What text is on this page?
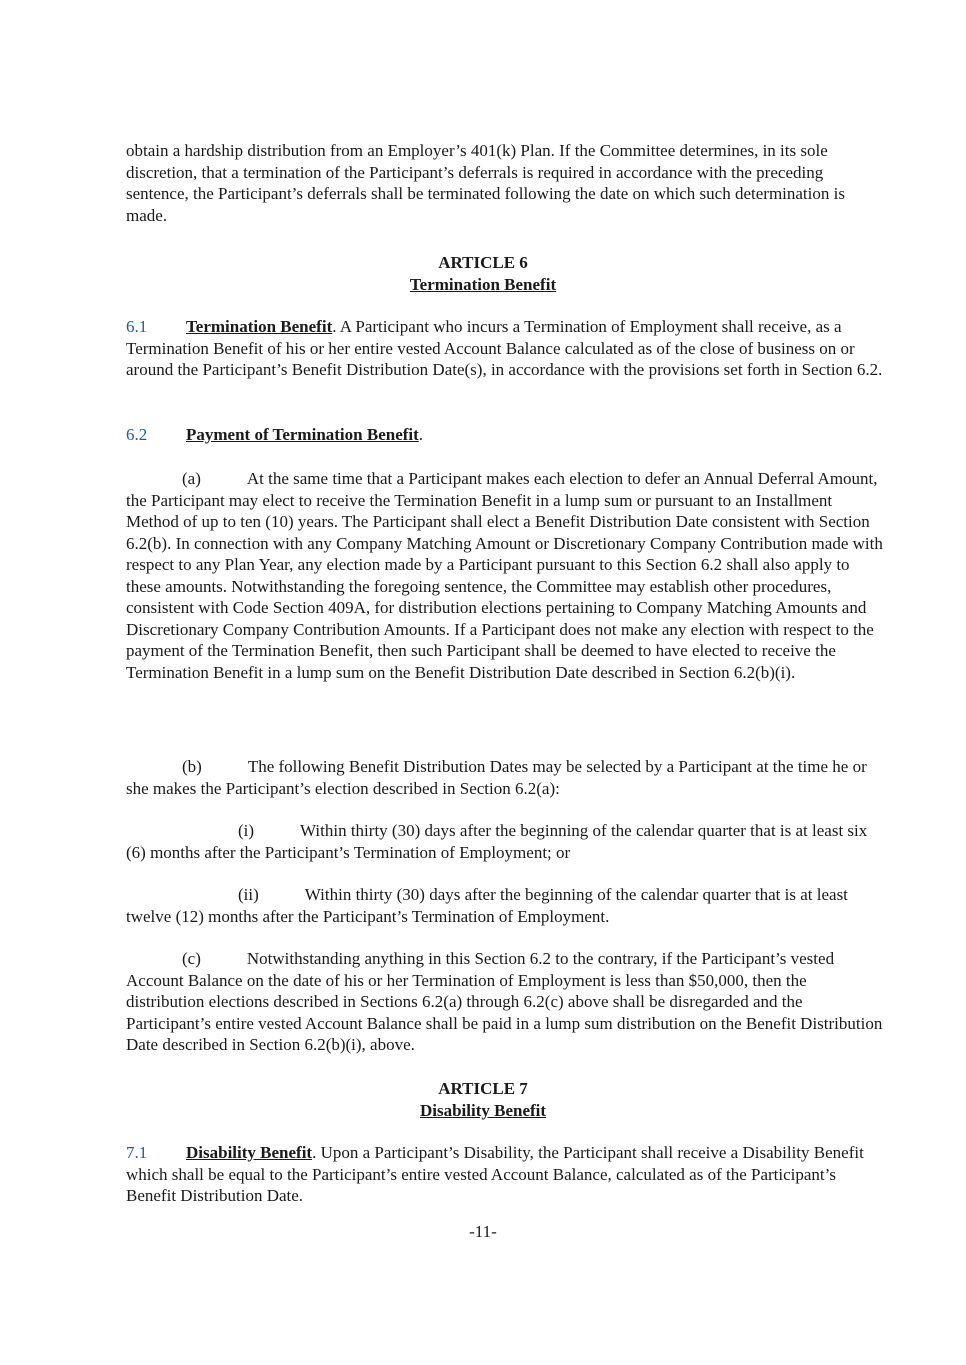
obtain a hardship distribution from an Employer’s 401(k) Plan. If the Committee determines, in its sole discretion, that a termination of the Participant’s deferrals is required in accordance with the preceding sentence, the Participant’s deferrals shall be terminated following the date on which such determination is made.

ARTICLE 6
Termination Benefit

6.1 Termination Benefit. A Participant who incurs a Termination of Employment shall receive, as a Termination Benefit of his or her entire vested Account Balance calculated as of the close of business on or around the Participant’s Benefit Distribution Date(s), in accordance with the provisions set forth in Section 6.2.

6.2 Payment of Termination Benefit.

(a)	At the same time that a Participant makes each election to defer an Annual Deferral Amount, the Participant may elect to receive the Termination Benefit in a lump sum or pursuant to an Installment Method of up to ten (10) years. The Participant shall elect a Benefit Distribution Date consistent with Section 6.2(b). In connection with any Company Matching Amount or Discretionary Company Contribution made with respect to any Plan Year, any election made by a Participant pursuant to this Section 6.2 shall also apply to these amounts. Notwithstanding the foregoing sentence, the Committee may establish other procedures, consistent with Code Section 409A, for distribution elections pertaining to Company Matching Amounts and Discretionary Company Contribution Amounts. If a Participant does not make any election with respect to the payment of the Termination Benefit, then such Participant shall be deemed to have elected to receive the Termination Benefit in a lump sum on the Benefit Distribution Date described in Section 6.2(b)(i).

(b)	The following Benefit Distribution Dates may be selected by a Participant at the time he or she makes the Participant’s election described in Section 6.2(a):

(i)	Within thirty (30) days after the beginning of the calendar quarter that is at least six (6) months after the Participant’s Termination of Employment; or

(ii)	Within thirty (30) days after the beginning of the calendar quarter that is at least twelve (12) months after the Participant’s Termination of Employment.

(c)	Notwithstanding anything in this Section 6.2 to the contrary, if the Participant’s vested Account Balance on the date of his or her Termination of Employment is less than $50,000, then the distribution elections described in Sections 6.2(a) through 6.2(c) above shall be disregarded and the Participant’s entire vested Account Balance shall be paid in a lump sum distribution on the Benefit Distribution Date described in Section 6.2(b)(i), above.

ARTICLE 7
Disability Benefit

7.1 Disability Benefit. Upon a Participant’s Disability, the Participant shall receive a Disability Benefit which shall be equal to the Participant’s entire vested Account Balance, calculated as of the Participant’s Benefit Distribution Date.

-11-
